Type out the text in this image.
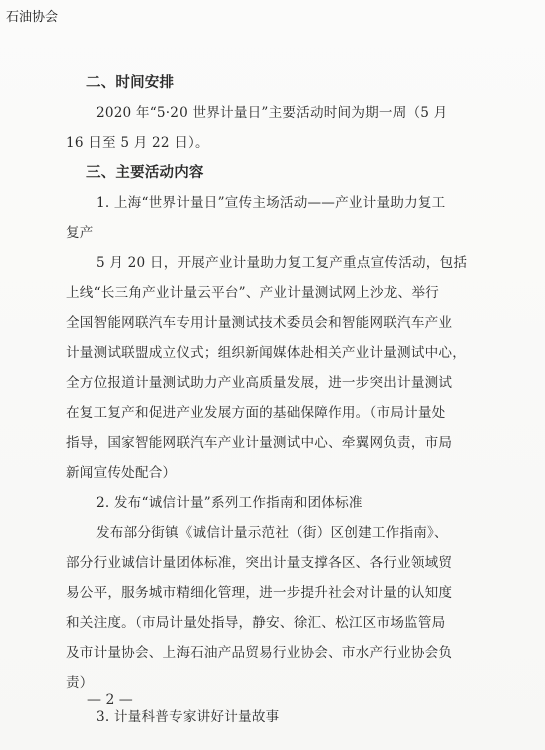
石油协会
二、时间安排
2020 年“5·20 世界计量日”主要活动时间为期一周（5 月
16 日至 5 月 22 日）。
三、主要活动内容
1. 上海“世界计量日”宣传主场活动——产业计量助力复工
复产
5 月 20 日，开展产业计量助力复工复产重点宣传活动，包括
上线“长三角产业计量云平台”、产业计量测试网上沙龙、举行
全国智能网联汽车专用计量测试技术委员会和智能网联汽车产业
计量测试联盟成立仪式；组织新闻媒体赴相关产业计量测试中心，
全方位报道计量测试助力产业高质量发展，进一步突出计量测试
在复工复产和促进产业发展方面的基础保障作用。（市局计量处
指导，国家智能网联汽车产业计量测试中心、牵翼网负责，市局
新闻宣传处配合）
2. 发布“诚信计量”系列工作指南和团体标准
发布部分街镇《诚信计量示范社（街）区创建工作指南》、
部分行业诚信计量团体标准，突出计量支撑各区、各行业领域贸
易公平，服务城市精细化管理，进一步提升社会对计量的认知度
和关注度。（市局计量处指导，静安、徐汇、松江区市场监管局
及市计量协会、上海石油产品贸易行业协会、市水产行业协会负
责）
3. 计量科普专家讲好计量故事
— 2 —
